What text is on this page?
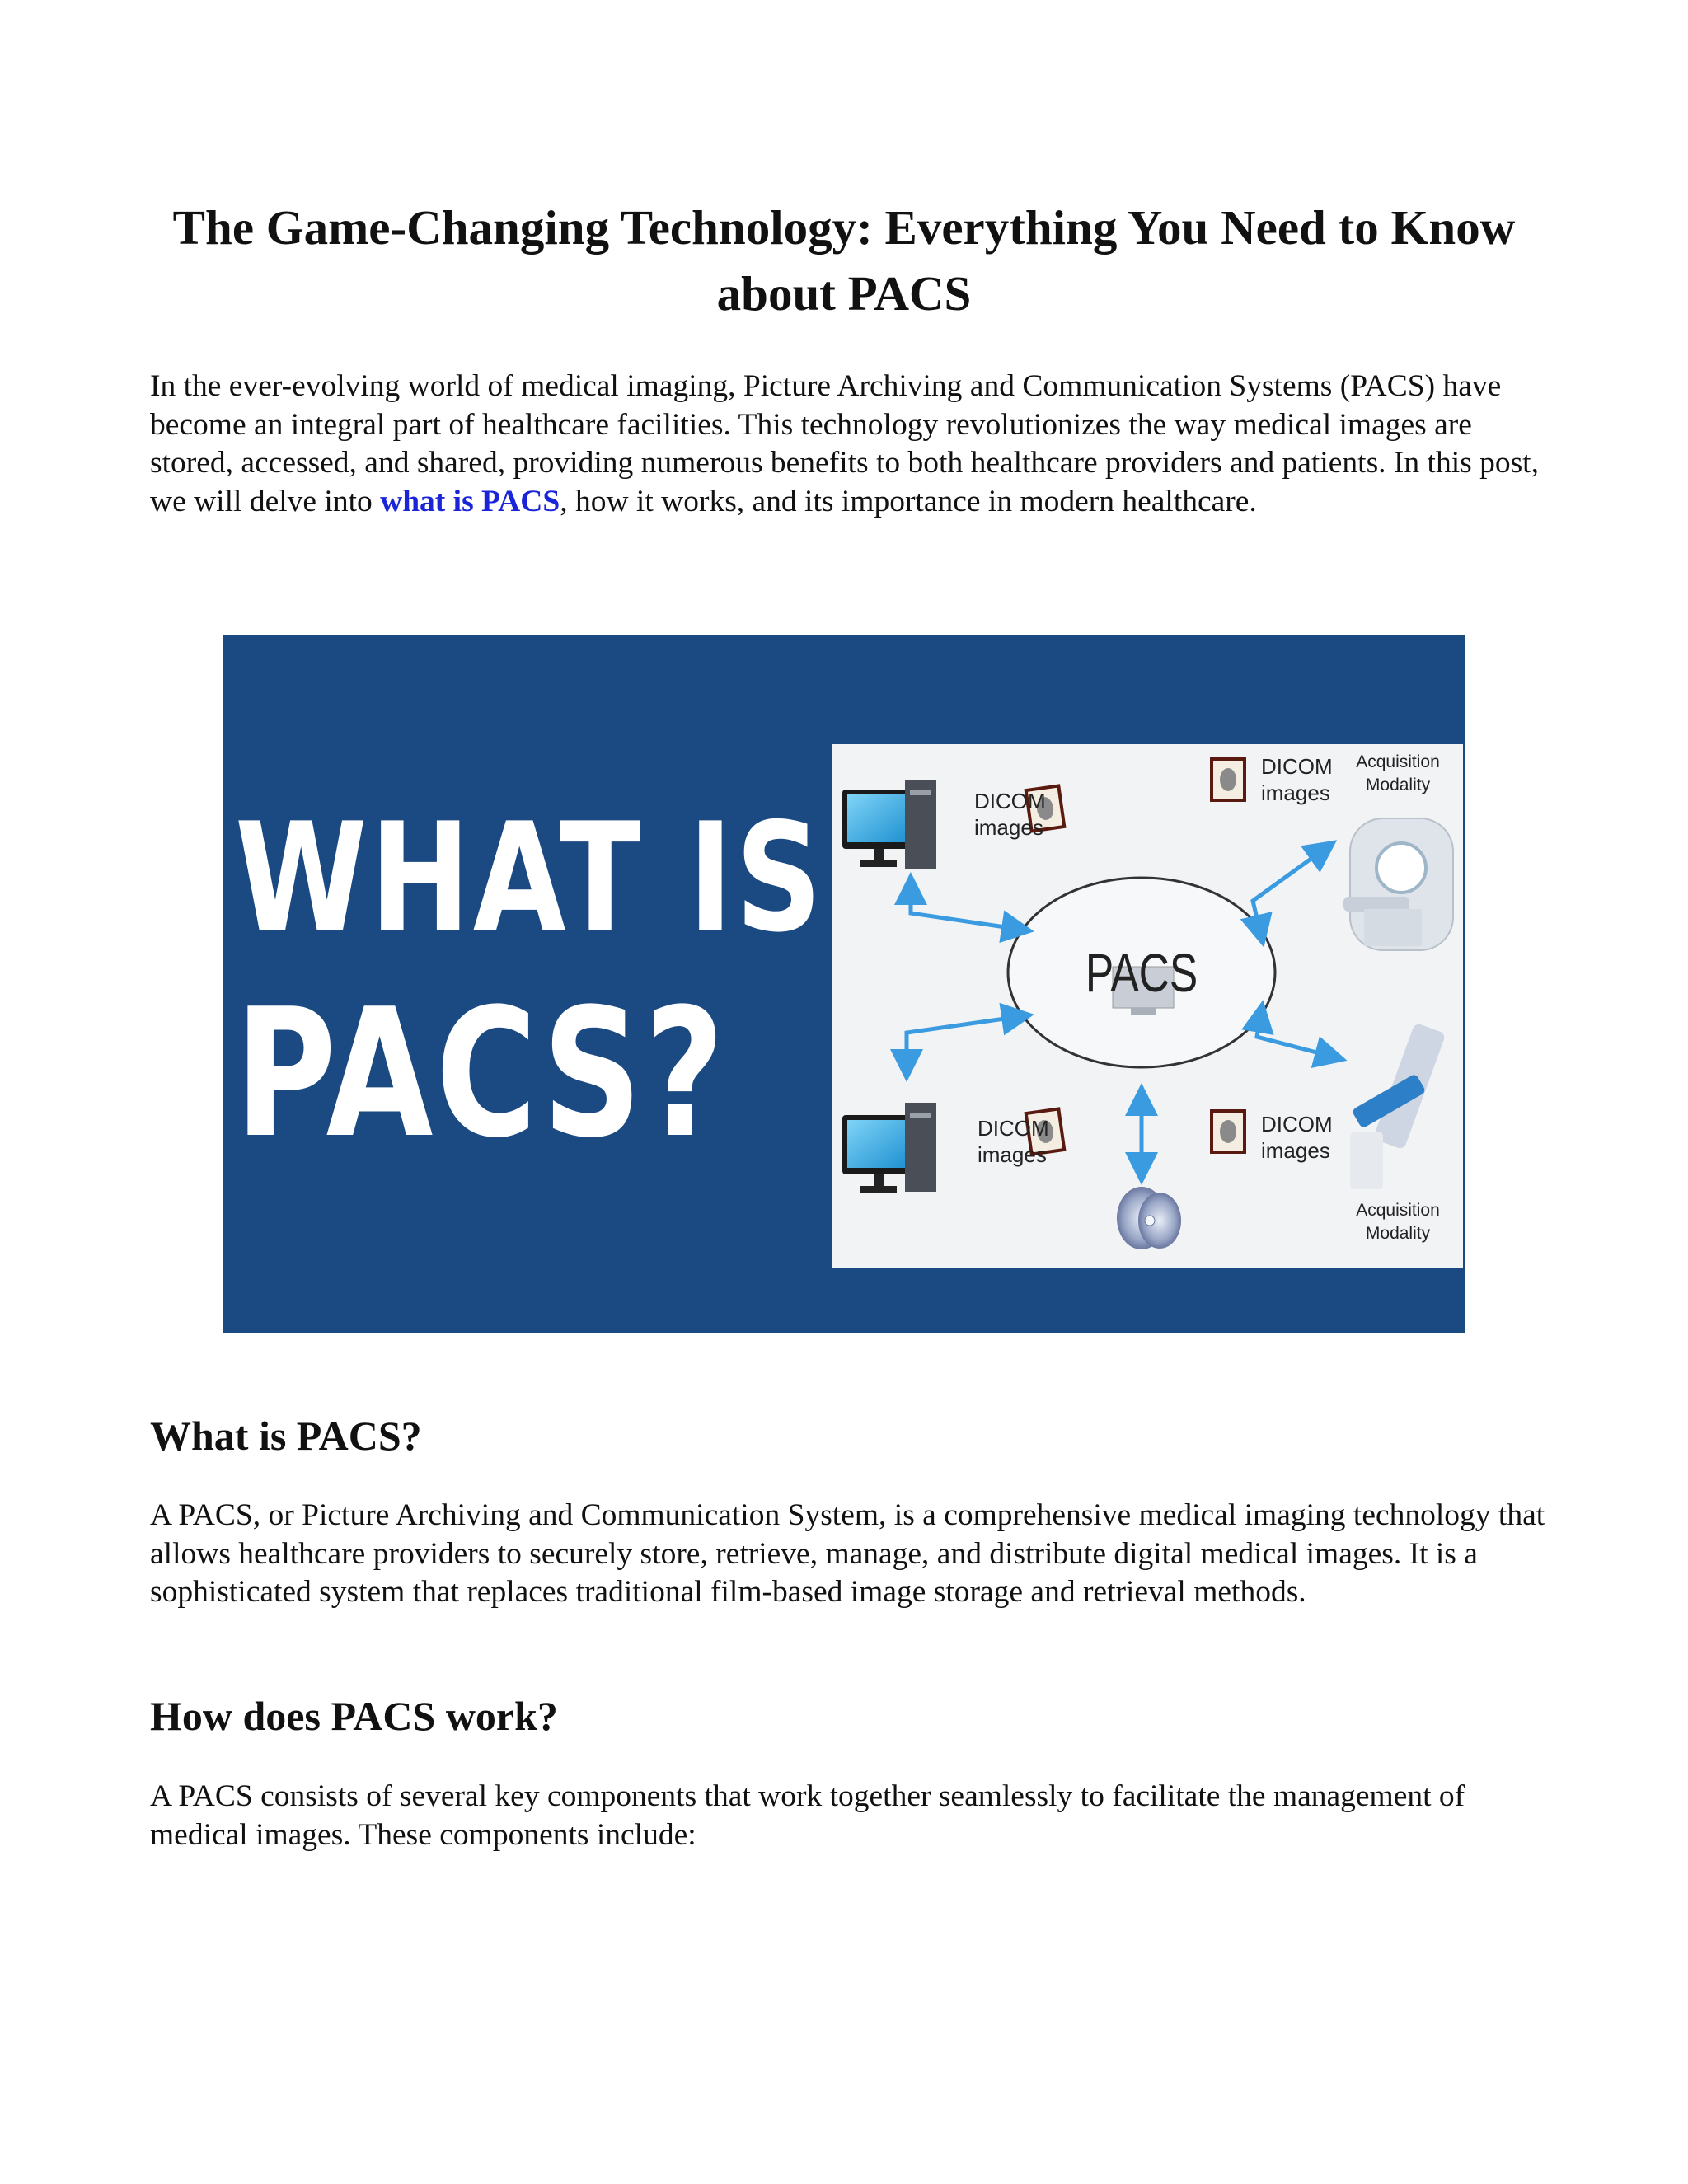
The Game-Changing Technology: Everything You Need to Know about PACS

In the ever-evolving world of medical imaging, Picture Archiving and Communication Systems (PACS) have become an integral part of healthcare facilities. This technology revolutionizes the way medical images are stored, accessed, and shared, providing numerous benefits to both healthcare providers and patients. In this post, we will delve into what is PACS, how it works, and its importance in modern healthcare.

WHAT IS
PACS?	PACS
DICOM
images
DICOM
images
DICOM
images
DICOM
images
Acquisition
Modality
Acquisition
Modality
What is PACS?

A PACS, or Picture Archiving and Communication System, is a comprehensive medical imaging technology that allows healthcare providers to securely store, retrieve, manage, and distribute digital medical images. It is a sophisticated system that replaces traditional film-based image storage and retrieval methods.

How does PACS work?

A PACS consists of several key components that work together seamlessly to facilitate the management of medical images. These components include:
